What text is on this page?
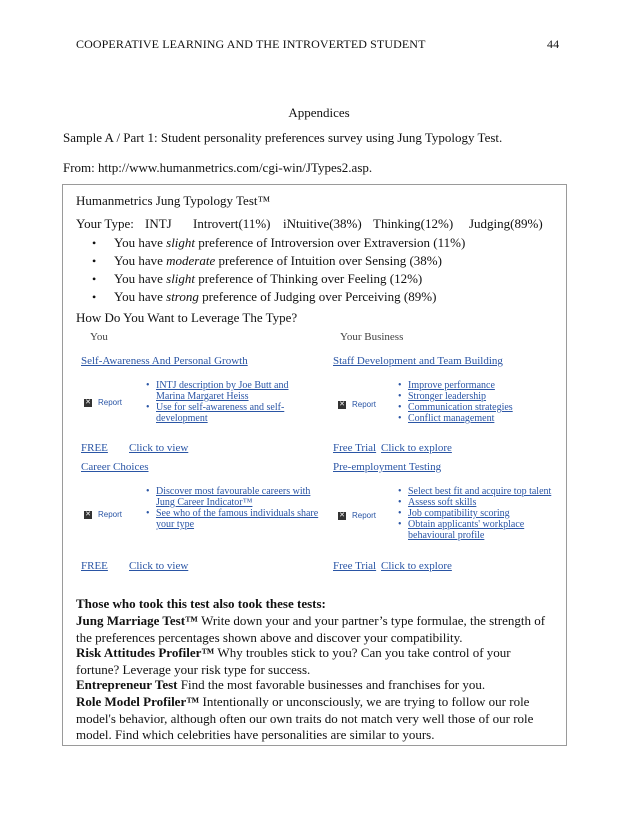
COOPERATIVE LEARNING AND THE INTROVERTED STUDENT	44
Appendices
Sample A / Part 1: Student personality preferences survey using Jung Typology Test.
From: http://www.humanmetrics.com/cgi-win/JTypes2.asp.
Humanmetrics Jung Typology Test™
Your Type: INTJ Introvert(11%) iNtuitive(38%) Thinking(12%) Judging(89%)
• You have slight preference of Introversion over Extraversion (11%)
• You have moderate preference of Intuition over Sensing (38%)
• You have slight preference of Thinking over Feeling (12%)
• You have strong preference of Judging over Perceiving (89%)
How Do You Want to Leverage The Type?
You	Your Business
Self-Awareness And Personal Growth
✕ Report
• INTJ description by Joe Butt and Marina Margaret Heiss
• Use for self-awareness and self-development
FREE Click to view
Career Choices
✕ Report
• Discover most favourable careers with Jung Career Indicator™
• See who of the famous individuals share your type
FREE Click to view
Staff Development and Team Building
✕ Report
• Improve performance
• Stronger leadership
• Communication strategies
• Conflict management
Free Trial Click to explore
Pre-employment Testing
✕ Report
• Select best fit and acquire top talent
• Assess soft skills
• Job compatibility scoring
• Obtain applicants' workplace behavioural profile
Free Trial Click to explore
Those who took this test also took these tests:
Jung Marriage Test™ Write down your and your partner’s type formulae, the strength of the preferences percentages shown above and discover your compatibility.
Risk Attitudes Profiler™ Why troubles stick to you? Can you take control of your fortune? Leverage your risk type for success.
Entrepreneur Test Find the most favorable businesses and franchises for you.
Role Model Profiler™ Intentionally or unconsciously, we are trying to follow our role model's behavior, although often our own traits do not match very well those of our role model. Find which celebrities have personalities are similar to yours.
